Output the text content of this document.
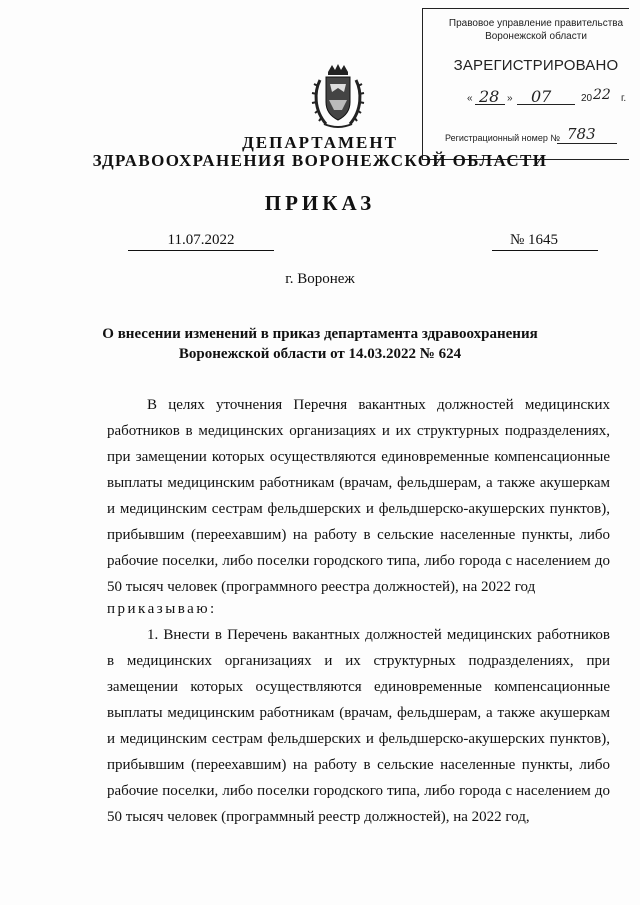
Правовое управление правительства
Воронежской области
ЗАРЕГИСТРИРОВАНО
« 28 » 07	20 22 г.
Регистрационный номер № 783
ДЕПАРТАМЕНТ
ЗДРАВООХРАНЕНИЯ ВОРОНЕЖСКОЙ ОБЛАСТИ
ПРИКАЗ
11.07.2022	№ 1645
г. Воронеж
О внесении изменений в приказ департамента здравоохранения Воронежской области от 14.03.2022 № 624
В целях уточнения Перечня вакантных должностей медицинских работников в медицинских организациях и их структурных подразделениях, при замещении которых осуществляются единовременные компенсационные выплаты медицинским работникам (врачам, фельдшерам, а также акушеркам и медицинским сестрам фельдшерских и фельдшерско-акушерских пунктов), прибывшим (переехавшим) на работу в сельские населенные пункты, либо рабочие поселки, либо поселки городского типа, либо города с населением до 50 тысяч человек (программного реестра должностей), на 2022 год
приказываю:
1. Внести в Перечень вакантных должностей медицинских работников в медицинских организациях и их структурных подразделениях, при замещении которых осуществляются единовременные компенсационные выплаты медицинским работникам (врачам, фельдшерам, а также акушеркам и медицинским сестрам фельдшерских и фельдшерско-акушерских пунктов), прибывшим (переехавшим) на работу в сельские населенные пункты, либо рабочие поселки, либо поселки городского типа, либо города с населением до 50 тысяч человек (программный реестр должностей), на 2022 год,
